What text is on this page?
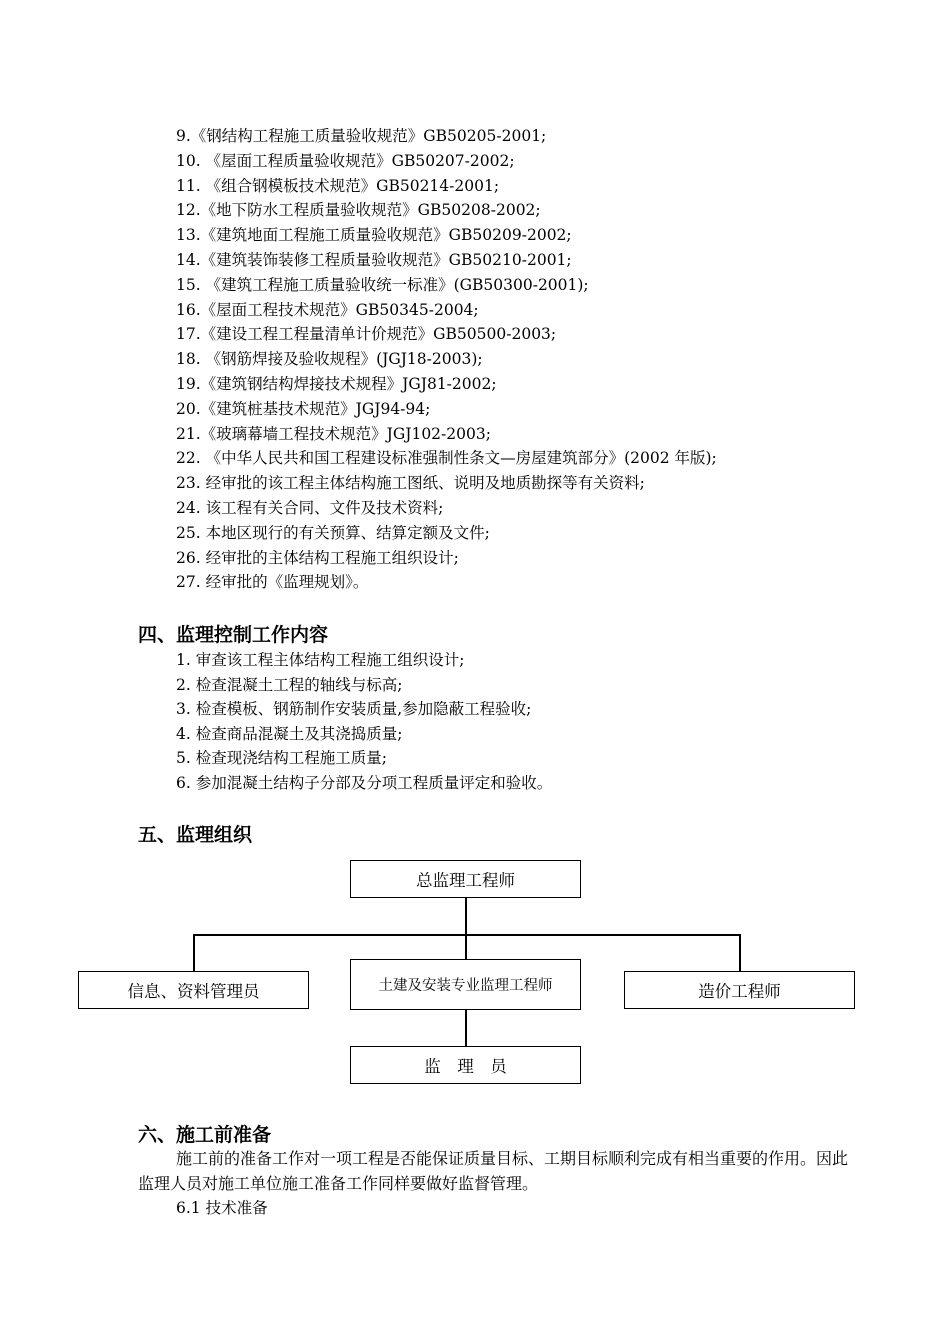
9.《钢结构工程施工质量验收规范》GB50205-2001;
10. 《屋面工程质量验收规范》GB50207-2002;
11. 《组合钢模板技术规范》GB50214-2001;
12.《地下防水工程质量验收规范》GB50208-2002;
13.《建筑地面工程施工质量验收规范》GB50209-2002;
14.《建筑装饰装修工程质量验收规范》GB50210-2001;
15. 《建筑工程施工质量验收统一标准》(GB50300-2001);
16.《屋面工程技术规范》GB50345-2004;
17.《建设工程工程量清单计价规范》GB50500-2003;
18. 《钢筋焊接及验收规程》(JGJ18-2003);
19.《建筑钢结构焊接技术规程》JGJ81-2002;
20.《建筑桩基技术规范》JGJ94-94;
21.《玻璃幕墙工程技术规范》JGJ102-2003;
22. 《中华人民共和国工程建设标准强制性条文—房屋建筑部分》(2002 年版);
23. 经审批的该工程主体结构施工图纸、说明及地质勘探等有关资料;
24. 该工程有关合同、文件及技术资料;
25. 本地区现行的有关预算、结算定额及文件;
26. 经审批的主体结构工程施工组织设计;
27. 经审批的《监理规划》。
四、监理控制工作内容
1. 审查该工程主体结构工程施工组织设计;
2. 检查混凝土工程的轴线与标高;
3. 检查模板、钢筋制作安装质量,参加隐蔽工程验收;
4. 检查商品混凝土及其浇捣质量;
5. 检查现浇结构工程施工质量;
6. 参加混凝土结构子分部及分项工程质量评定和验收。
五、监理组织
总监理工程师
信息、资料管理员	土建及安装专业监理工程师	造价工程师
监　理　员
六、施工前准备

施工前的准备工作对一项工程是否能保证质量目标、工期目标顺利完成有相当重要的作用。因此监理人员对施工单位施工准备工作同样要做好监督管理。

6.1 技术准备
